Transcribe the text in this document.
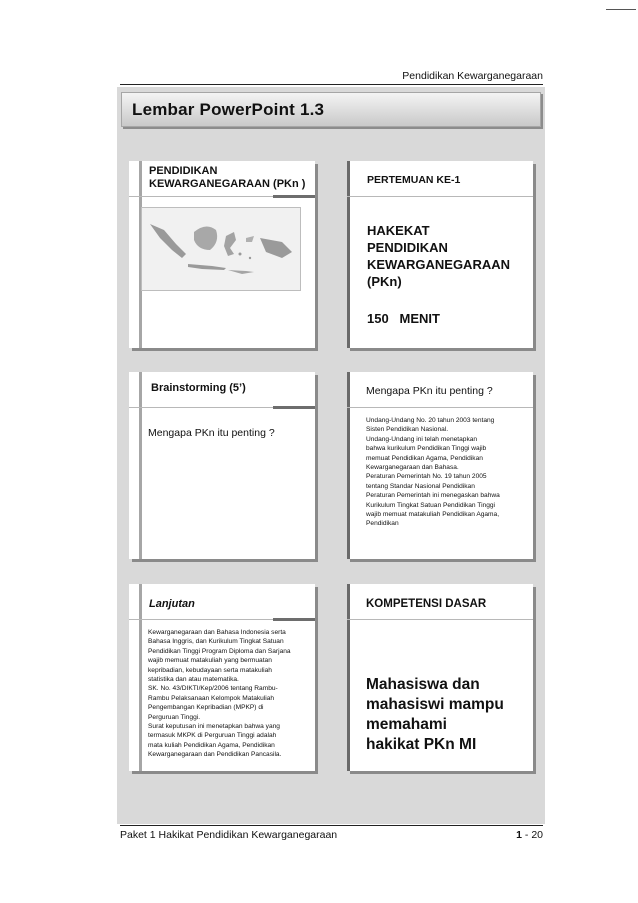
Pendidikan Kewarganegaraan
Lembar PowerPoint 1.3
PENDIDIKAN
KEWARGANEGARAAN (PKn )	PERTEMUAN KE-1
HAKEKAT
PENDIDIKAN
KEWARGANEGARAAN
(PKn)
150   MENIT
Brainstorming (5’)
Mengapa PKn itu penting ?
Mengapa PKn itu penting ?

Undang-Undang No. 20 tahun 2003 tentang

Sisten Pendidikan Nasional.

Undang-Undang ini telah menetapkan

bahwa kurikulum Pendidikan Tinggi wajib

memuat Pendidikan Agama, Pendidikan

Kewarganegaraan dan Bahasa.

Peraturan Pemerintah No. 19 tahun 2005

tentang Standar Nasional Pendidikan

Peraturan Pemerintah ini menegaskan bahwa

Kurikulum Tingkat Satuan Pendidikan Tinggi

wajib memuat matakuliah Pendidikan Agama,

Pendidikan

Lanjutan

Kewarganegaraan dan Bahasa Indonesia serta

Bahasa Inggris, dan Kurikulum Tingkat Satuan

Pendidikan Tinggi Program Diploma dan Sarjana

wajib memuat matakuliah yang bermuatan

kepribadian, kebudayaan serta matakuliah

statistika dan atau matematika.

SK. No. 43/DIKTI/Kep/2006 tentang Rambu-

Rambu Pelaksanaan Kelompok Matakuliah

Pengembangan Kepribadian (MPKP) di

Perguruan Tinggi.

Surat keputusan ini menetapkan bahwa yang

termasuk MKPK di Perguruan Tinggi adalah

mata kuliah Pendidikan Agama, Pendidikan

Kewarganegaraan dan Pendidikan Pancasila.

KOMPETENSI DASAR
Mahasiswa dan
mahasiswi mampu
memahami
hakikat PKn MI
Paket 1 Hakikat Pendidikan Kewarganegaraan	1 - 20
